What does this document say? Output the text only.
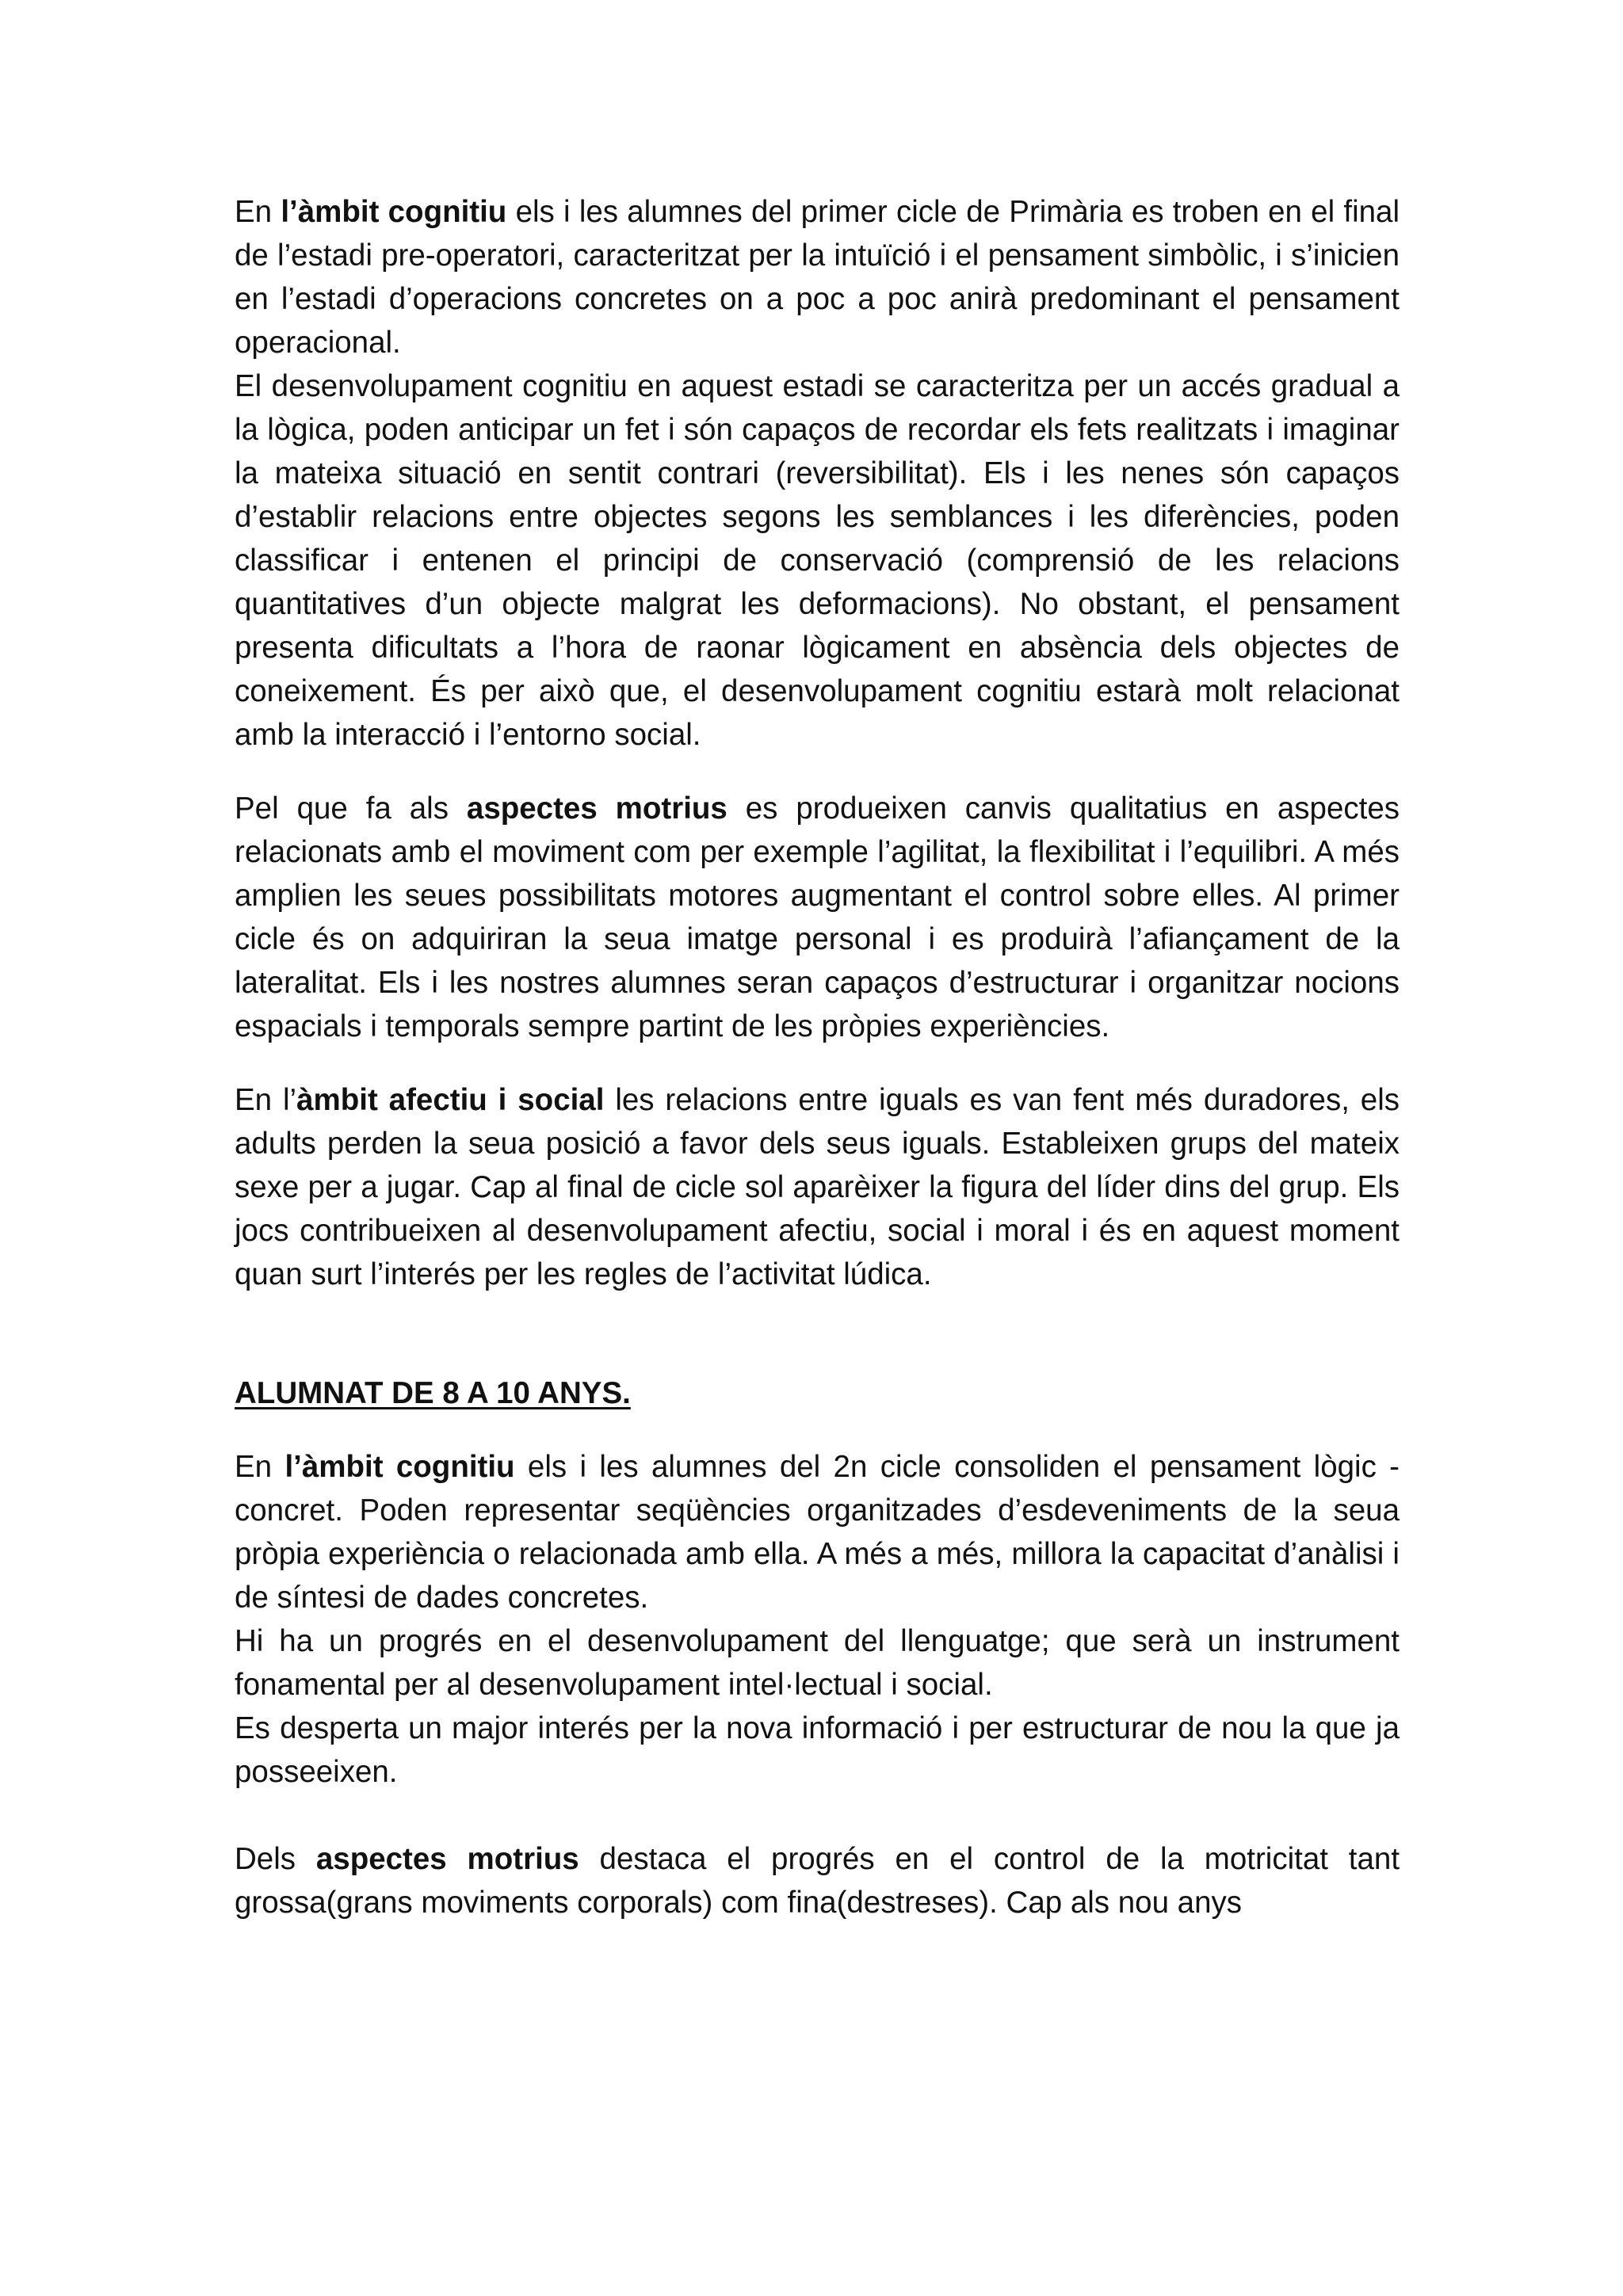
En l’àmbit cognitiu els i les alumnes del primer cicle de Primària es troben en el final de l’estadi pre-operatori, caracteritzat per la intuïció i el pensament simbòlic, i s’inicien en l’estadi d’operacions concretes on a poc a poc anirà predominant el pensament operacional.

El desenvolupament cognitiu en aquest estadi se caracteritza per un accés gradual a la lògica, poden anticipar un fet i són capaços de recordar els fets realitzats i imaginar la mateixa situació en sentit contrari (reversibilitat). Els i les nenes són capaços d’establir relacions entre objectes segons les semblances i les diferències, poden classificar i entenen el principi de conservació (comprensió de les relacions quantitatives d’un objecte malgrat les deformacions). No obstant, el pensament presenta dificultats a l’hora de raonar lògicament en absència dels objectes de coneixement. És per això que, el desenvolupament cognitiu estarà molt relacionat amb la interacció i l’entorno social.

Pel que fa als aspectes motrius es produeixen canvis qualitatius en aspectes relacionats amb el moviment com per exemple l’agilitat, la flexibilitat i l’equilibri. A més amplien les seues possibilitats motores augmentant el control sobre elles. Al primer cicle és on adquiriran la seua imatge personal i es produirà l’afiançament de la lateralitat. Els i les nostres alumnes seran capaços d’estructurar i organitzar nocions espacials i temporals sempre partint de les pròpies experiències.

En l’àmbit afectiu i social les relacions entre iguals es van fent més duradores, els adults perden la seua posició a favor dels seus iguals. Estableixen grups del mateix sexe per a jugar. Cap al final de cicle sol aparèixer la figura del líder dins del grup. Els jocs contribueixen al desenvolupament afectiu, social i moral i és en aquest moment quan surt l’interés per les regles de l’activitat lúdica.

ALUMNAT DE 8 A 10 ANYS.

En l’àmbit cognitiu els i les alumnes del 2n cicle consoliden el pensament lògic - concret. Poden representar seqüències organitzades d’esdeveniments de la seua pròpia experiència o relacionada amb ella. A més a més, millora la capacitat d’anàlisi i de síntesi de dades concretes.

Hi ha un progrés en el desenvolupament del llenguatge; que serà un instrument fonamental per al desenvolupament intel·lectual i social.

Es desperta un major interés per la nova informació i per estructurar de nou la que ja posseeixen.

Dels aspectes motrius destaca el progrés en el control de la motricitat tant grossa(grans moviments corporals) com fina(destreses). Cap als nou anys
